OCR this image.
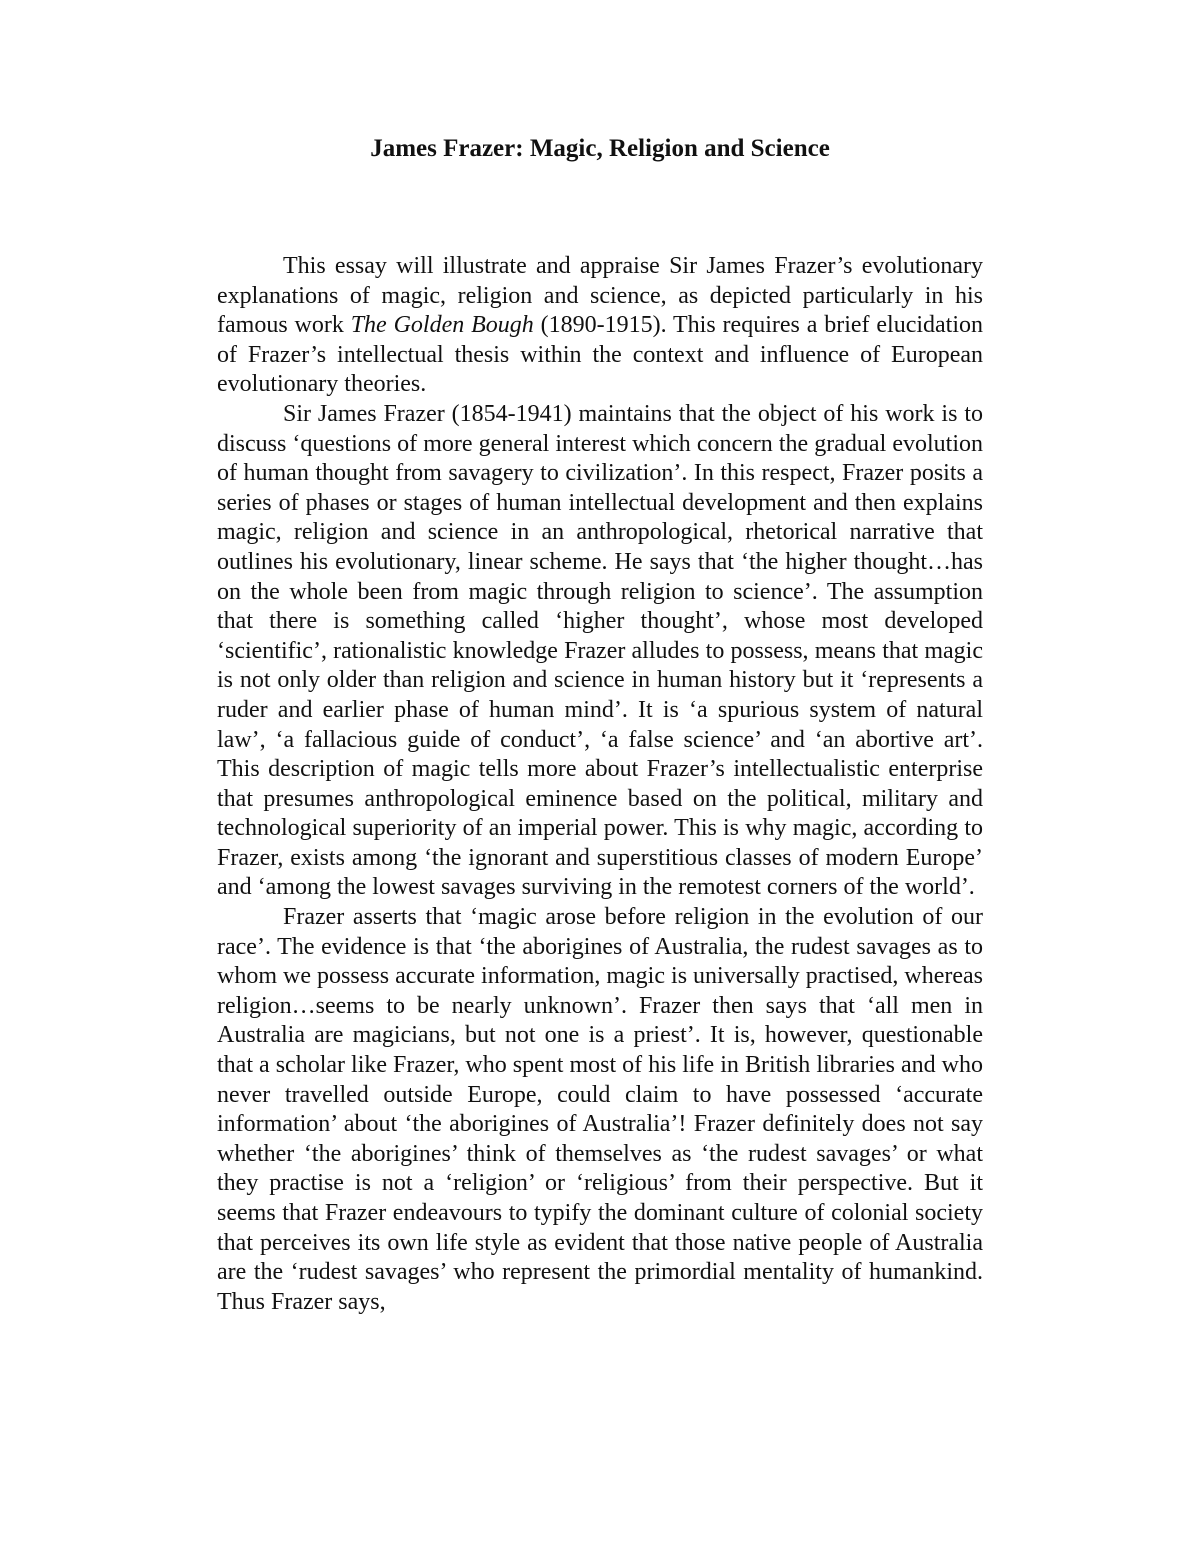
James Frazer: Magic, Religion and Science

This essay will illustrate and appraise Sir James Frazer’s evolutionary explanations of magic, religion and science, as depicted particularly in his famous work The Golden Bough (1890-1915). This requires a brief elucidation of Frazer’s intellectual thesis within the context and influence of European evolutionary theories.

Sir James Frazer (1854-1941) maintains that the object of his work is to discuss ‘questions of more general interest which concern the gradual evolution of human thought from savagery to civilization’. In this respect, Frazer posits a series of phases or stages of human intellectual development and then explains magic, religion and science in an anthropological, rhetorical narrative that outlines his evolutionary, linear scheme. He says that ‘the higher thought…has on the whole been from magic through religion to science’. The assumption that there is something called ‘higher thought’, whose most developed ‘scientific’, rationalistic knowledge Frazer alludes to possess, means that magic is not only older than religion and science in human history but it ‘represents a ruder and earlier phase of human mind’. It is ‘a spurious system of natural law’, ‘a fallacious guide of conduct’, ‘a false science’ and ‘an abortive art’. This description of magic tells more about Frazer’s intellectualistic enterprise that presumes anthropological eminence based on the political, military and technological superiority of an imperial power. This is why magic, according to Frazer, exists among ‘the ignorant and superstitious classes of modern Europe’ and ‘among the lowest savages surviving in the remotest corners of the world’.

Frazer asserts that ‘magic arose before religion in the evolution of our race’. The evidence is that ‘the aborigines of Australia, the rudest savages as to whom we possess accurate information, magic is universally practised, whereas religion…seems to be nearly unknown’. Frazer then says that ‘all men in Australia are magicians, but not one is a priest’. It is, however, questionable that a scholar like Frazer, who spent most of his life in British libraries and who never travelled outside Europe, could claim to have possessed ‘accurate information’ about ‘the aborigines of Australia’! Frazer definitely does not say whether ‘the aborigines’ think of themselves as ‘the rudest savages’ or what they practise is not a ‘religion’ or ‘religious’ from their perspective. But it seems that Frazer endeavours to typify the dominant culture of colonial society that perceives its own life style as evident that those native people of Australia are the ‘rudest savages’ who represent the primordial mentality of humankind. Thus Frazer says,
